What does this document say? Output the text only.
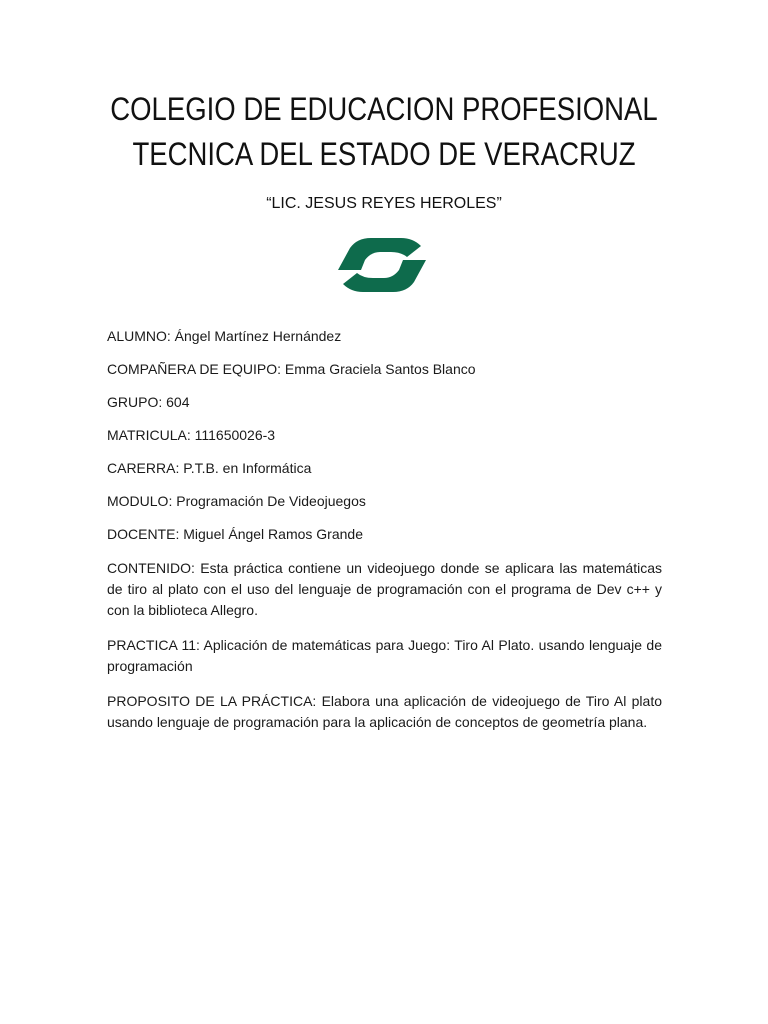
COLEGIO DE EDUCACION PROFESIONAL
TECNICA DEL ESTADO DE VERACRUZ
“LIC. JESUS REYES HEROLES”

ALUMNO: Ángel Martínez Hernández

COMPAÑERA DE EQUIPO: Emma Graciela Santos Blanco

GRUPO: 604

MATRICULA: 111650026-3

CARERRA: P.T.B. en Informática

MODULO: Programación De Videojuegos

DOCENTE: Miguel Ángel Ramos Grande

CONTENIDO: Esta práctica contiene un videojuego donde se aplicara las matemáticas de tiro al plato con el uso del lenguaje de programación con el programa de Dev c++ y con la biblioteca Allegro.

PRACTICA 11: Aplicación de matemáticas para Juego: Tiro Al Plato. usando lenguaje de programación

PROPOSITO DE LA PRÁCTICA: Elabora una aplicación de videojuego de Tiro Al plato usando lenguaje de programación para la aplicación de conceptos de geometría plana.
